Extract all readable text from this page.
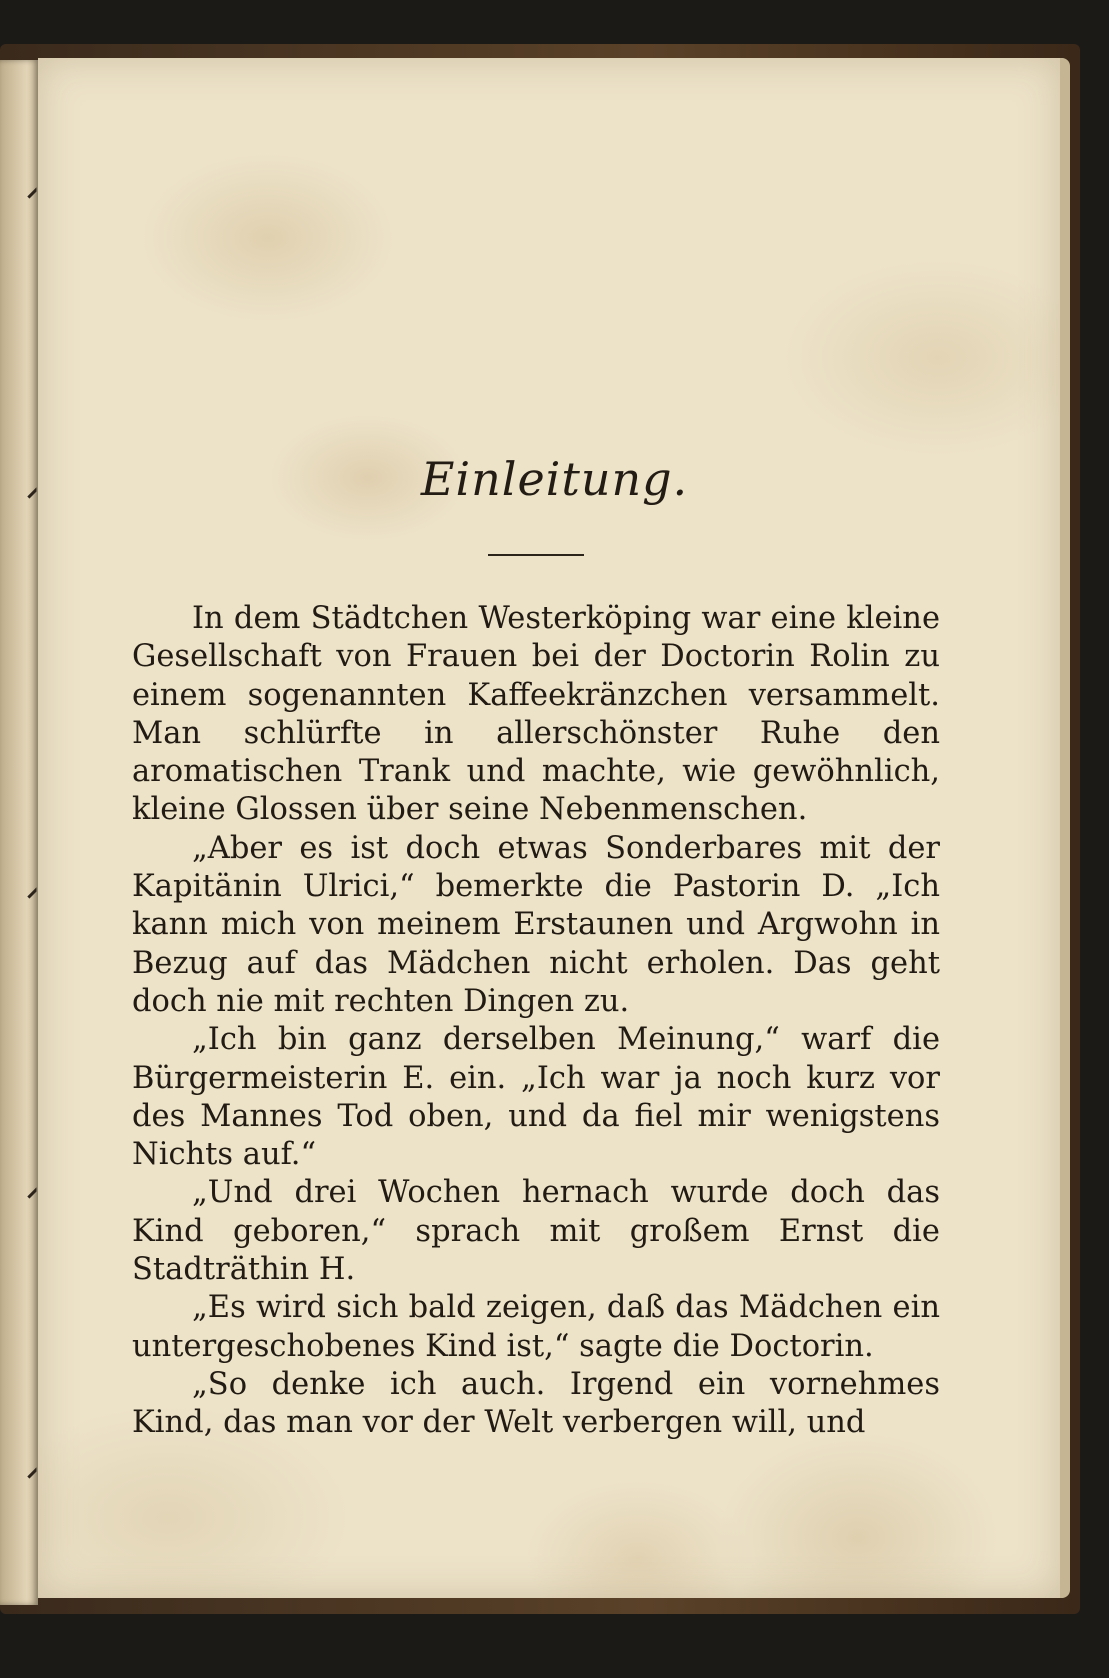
Einleitung.

In dem Städtchen Westerköping war eine kleine Gesellschaft von Frauen bei der Doctorin Rolin zu einem sogenannten Kaffeekränzchen versammelt. Man schlürfte in allerschönster Ruhe den aromatischen Trank und machte, wie gewöhnlich, kleine Glossen über seine Nebenmenschen.

„Aber es ist doch etwas Sonderbares mit der Kapitänin Ulrici,“ bemerkte die Pastorin D. „Ich kann mich von meinem Erstaunen und Argwohn in Bezug auf das Mädchen nicht erholen. Das geht doch nie mit rechten Dingen zu.

„Ich bin ganz derselben Meinung,“ warf die Bürgermeisterin E. ein. „Ich war ja noch kurz vor des Mannes Tod oben, und da fiel mir wenigstens Nichts auf.“

„Und drei Wochen hernach wurde doch das Kind geboren,“ sprach mit großem Ernst die Stadträthin H.

„Es wird sich bald zeigen, daß das Mädchen ein untergeschobenes Kind ist,“ sagte die Doctorin.

„So denke ich auch. Irgend ein vornehmes Kind, das man vor der Welt verbergen will, und
